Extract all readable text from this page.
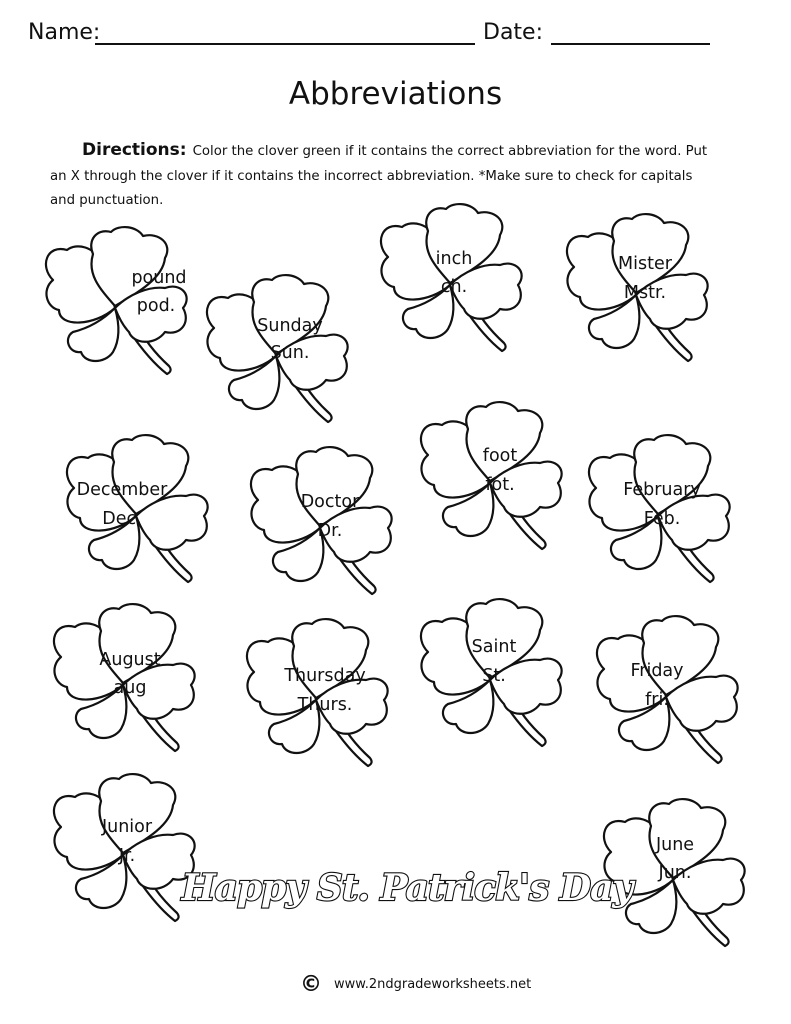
Name:	Date:
Abbreviations
Directions: Color the clover green if it contains the correct abbreviation for the word. Put an X through the clover if it contains the incorrect abbreviation. *Make sure to check for capitals and punctuation.
pound
pod.
Sunday
Sun.
inch
ch.
Mister
Mstr.
December
Dec.
Doctor
Dr.
foot
fot.	February
Feb.
August
aug
Thursday
Thurs.
Saint
St.	Friday
fri.
Junior
Jr.
June
Jun.
Happy St. Patrick's Day
© www.2ndgradeworksheets.net
